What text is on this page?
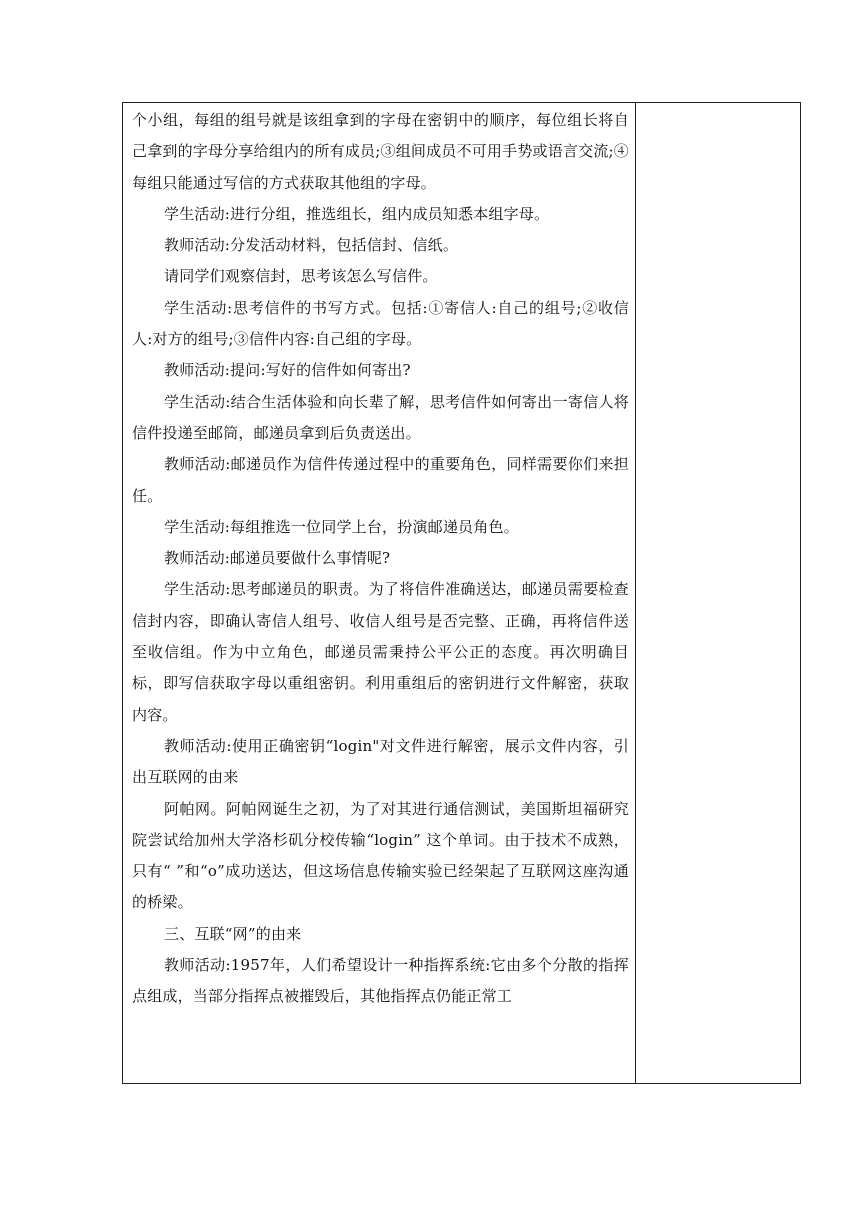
个小组，每组的组号就是该组拿到的字母在密钥中的顺序，每位组长将自己拿到的字母分享给组内的所有成员;③组间成员不可用手势或语言交流;④每组只能通过写信的方式获取其他组的字母。

学生活动:进行分组，推选组长，组内成员知悉本组字母。

教师活动:分发活动材料，包括信封、信纸。

请同学们观察信封，思考该怎么写信件。

学生活动:思考信件的书写方式。包括:①寄信人:自己的组号;②收信人:对方的组号;③信件内容:自己组的字母。

教师活动:提问:写好的信件如何寄出?

学生活动:结合生活体验和向长辈了解，思考信件如何寄出一寄信人将信件投递至邮筒，邮递员拿到后负责送出。

教师活动:邮递员作为信件传递过程中的重要角色，同样需要你们来担任。

学生活动:每组推选一位同学上台，扮演邮递员角色。

教师活动:邮递员要做什么事情呢?

学生活动:思考邮递员的职责。为了将信件准确送达，邮递员需要检查信封内容，即确认寄信人组号、收信人组号是否完整、正确，再将信件送至收信组。作为中立角色，邮递员需秉持公平公正的态度。再次明确目标，即写信获取字母以重组密钥。利用重组后的密钥进行文件解密，获取内容。

教师活动:使用正确密钥“login"对文件进行解密，展示文件内容，引出互联网的由来

阿帕网。阿帕网诞生之初，为了对其进行通信测试，美国斯坦福研究院尝试给加州大学洛杉矶分校传输“login” 这个单词。由于技术不成熟，只有“ ”和“o”成功送达，但这场信息传输实验已经架起了互联网这座沟通的桥梁。

三、互联“网”的由来

教师活动:1957年，人们希望设计一种指挥系统:它由多个分散的指挥点组成，当部分指挥点被摧毁后，其他指挥点仍能正常工
